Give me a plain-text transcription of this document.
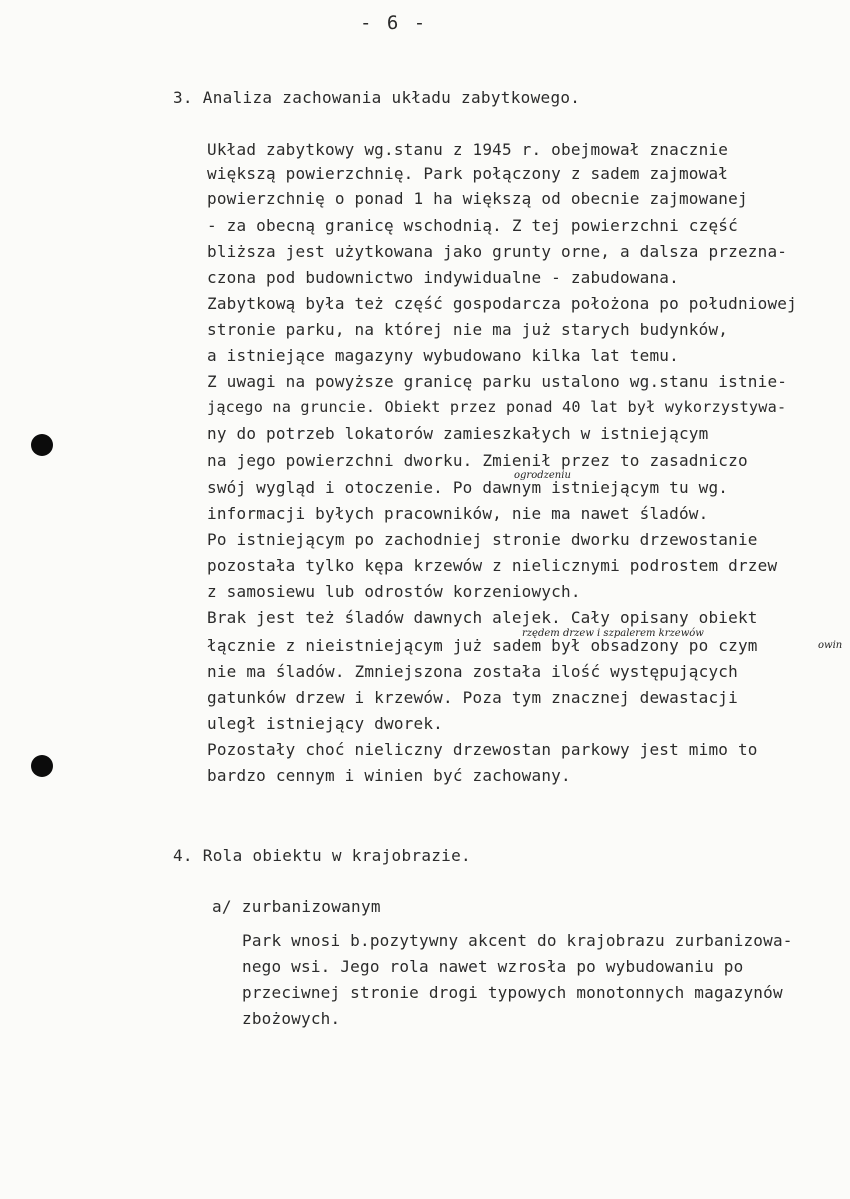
- 6 -
3. Analiza zachowania układu zabytkowego.
Układ zabytkowy wg.stanu z 1945 r. obejmował znacznie
większą powierzchnię. Park połączony z sadem zajmował
powierzchnię o ponad 1 ha większą od obecnie zajmowanej
- za obecną granicę wschodnią. Z tej powierzchni część
bliższa jest użytkowana jako grunty orne, a dalsza przezna-
czona pod budownictwo indywidualne - zabudowana.
Zabytkową była też część gospodarcza położona po południowej
stronie parku, na której nie ma już starych budynków,
a istniejące magazyny wybudowano kilka lat temu.
Z uwagi na powyższe granicę parku ustalono wg.stanu istnie-
jącego na gruncie. Obiekt przez ponad 40 lat był wykorzystywa-
ny do potrzeb lokatorów zamieszkałych w istniejącym
na jego powierzchni dworku. Zmienił przez to zasadniczo
ogrodzeniu
swój wygląd i otoczenie. Po dawnym istniejącym tu wg.
informacji byłych pracowników, nie ma nawet śladów.
Po istniejącym po zachodniej stronie dworku drzewostanie
pozostała tylko kępa krzewów z nielicznymi podrostem drzew
z samosiewu lub odrostów korzeniowych.
Brak jest też śladów dawnych alejek. Cały opisany obiekt
rzędem drzew i szpalerem krzewów
łącznie z nieistniejącym już sadem był obsadzony po czym	owin
nie ma śladów. Zmniejszona została ilość występujących
gatunków drzew i krzewów. Poza tym znacznej dewastacji
uległ istniejący dworek.
Pozostały choć nieliczny drzewostan parkowy jest mimo to
bardzo cennym i winien być zachowany.
4. Rola obiektu w krajobrazie.
a/ zurbanizowanym
Park wnosi b.pozytywny akcent do krajobrazu zurbanizowa-
nego wsi. Jego rola nawet wzrosła po wybudowaniu po
przeciwnej stronie drogi typowych monotonnych magazynów
zbożowych.
